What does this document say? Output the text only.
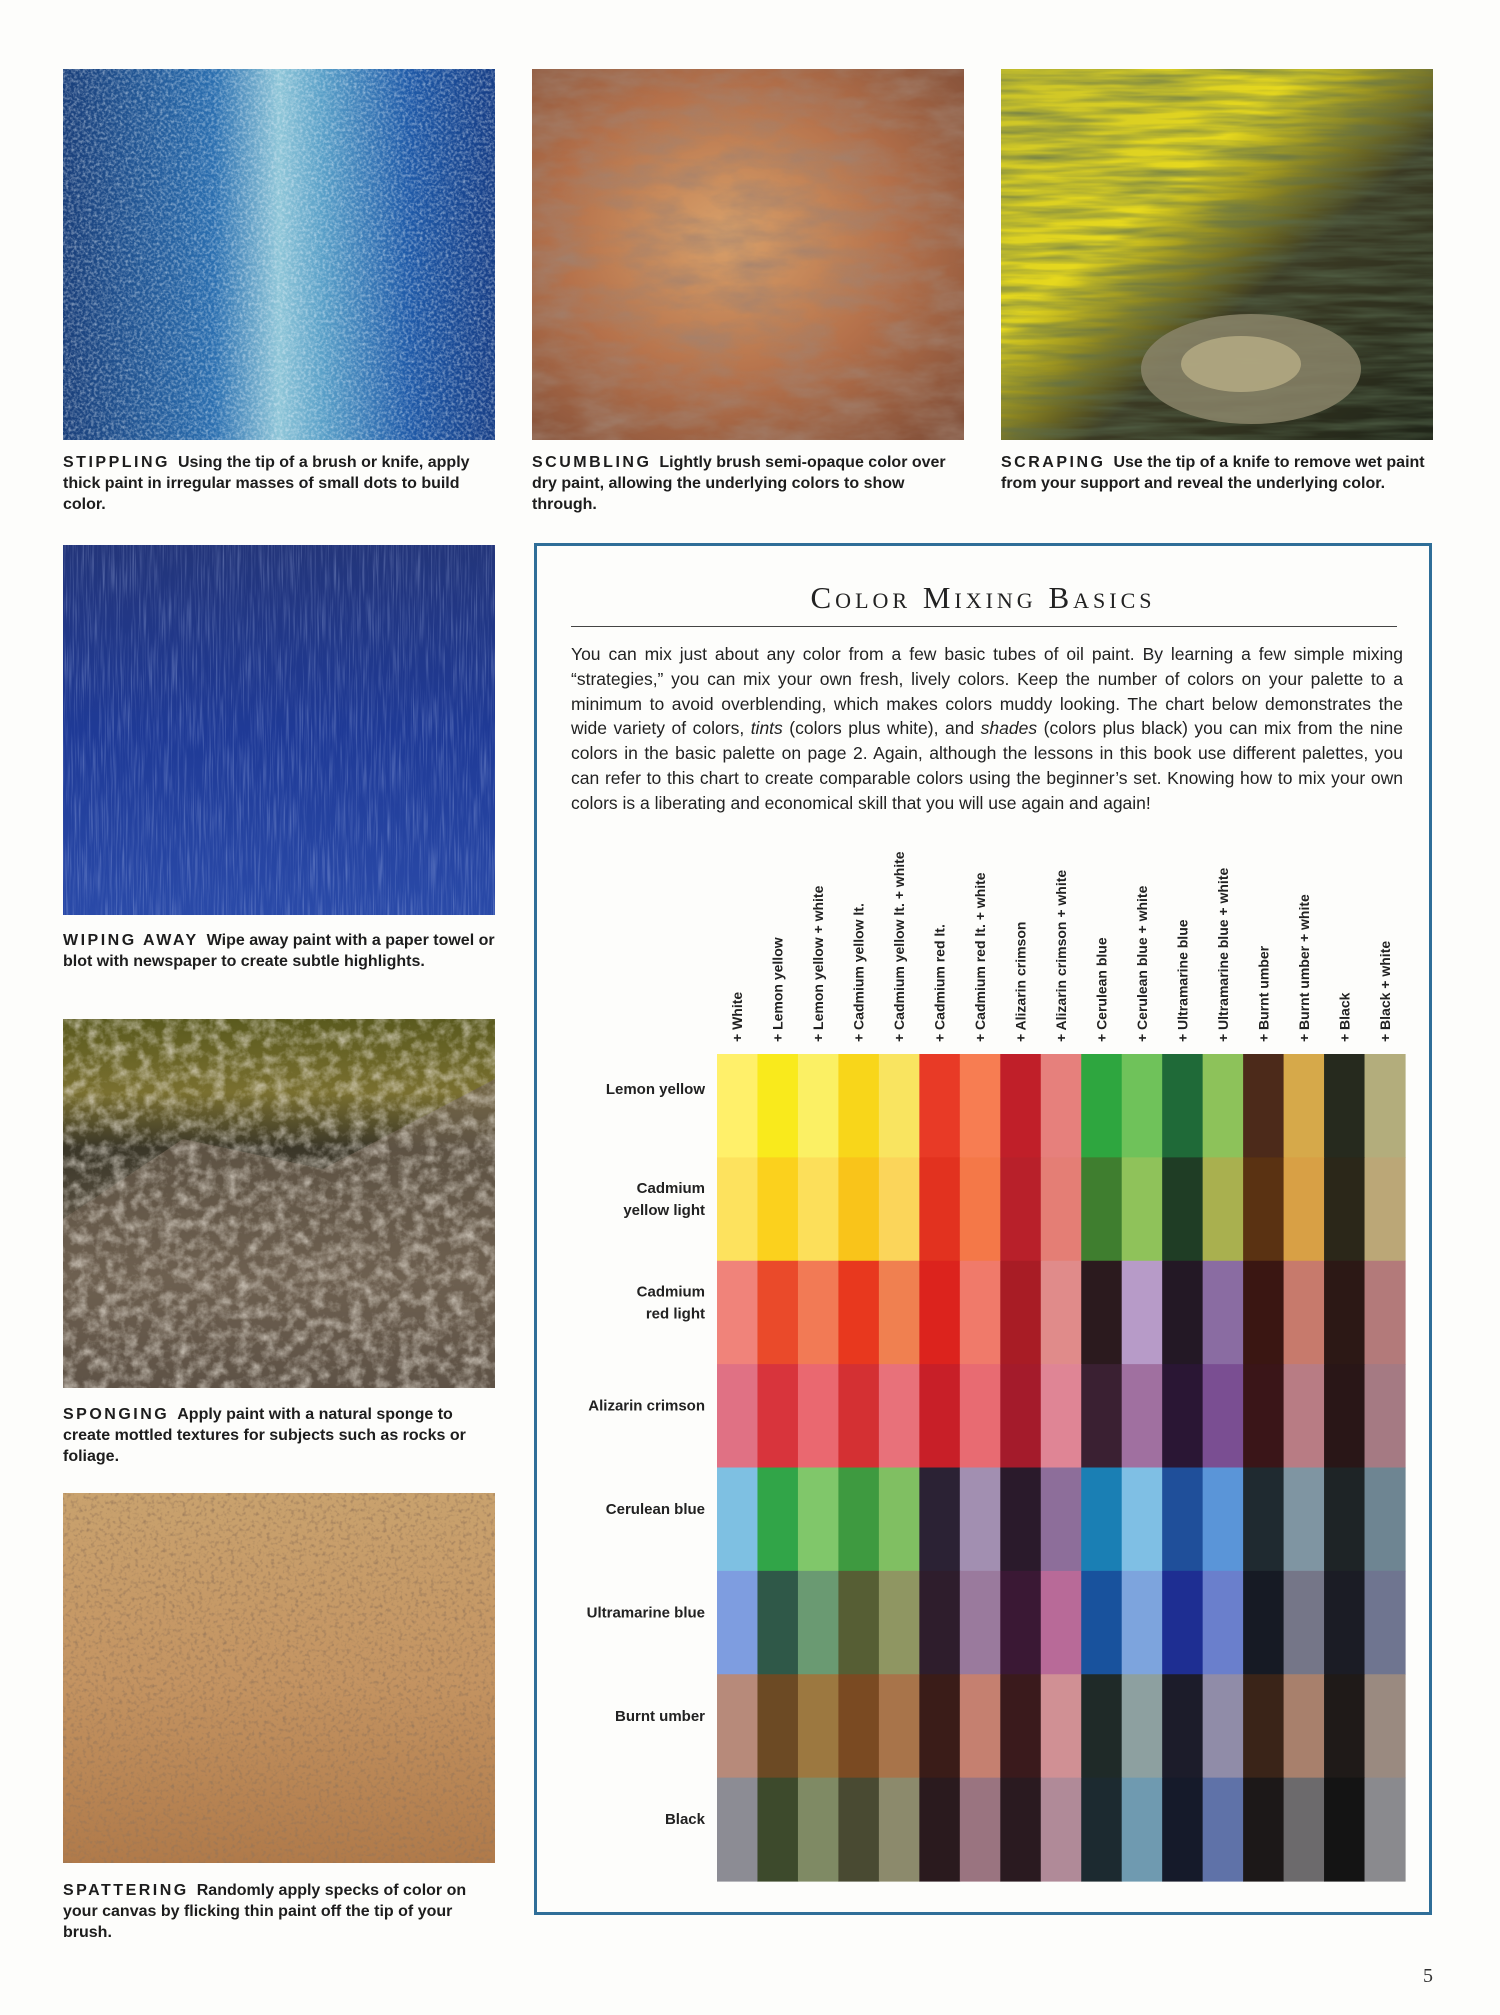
STIPPLING Using the tip of a brush or knife, apply thick paint in irregular masses of small dots to build color.
SCUMBLING Lightly brush semi-opaque color over dry paint, allowing the underlying colors to show through.
SCRAPING Use the tip of a knife to remove wet paint from your support and reveal the underlying color.
WIPING AWAY Wipe away paint with a paper towel or blot with newspaper to create subtle highlights.
SPONGING Apply paint with a natural sponge to create mottled textures for subjects such as rocks or foliage.
SPATTERING Randomly apply specks of color on your canvas by flicking thin paint off the tip of your brush.
Color Mixing Basics
You can mix just about any color from a few basic tubes of oil paint. By learning a few simple mixing “strategies,” you can mix your own fresh, lively colors. Keep the number of colors on your palette to a minimum to avoid overblending, which makes colors muddy looking. The chart below demonstrates the wide variety of colors, tints (colors plus white), and shades (colors plus black) you can mix from the nine colors in the basic palette on page 2. Again, although the lessons in this book use different palettes, you can refer to this chart to create comparable colors using the beginner’s set. Knowing how to mix your own colors is a liberating and economical skill that you will use again and again!
+ White + Lemon yellow + Lemon yellow + white + Cadmium yellow lt. + Cadmium yellow lt. + white + Cadmium red lt. + Cadmium red lt. + white + Alizarin crimson + Alizarin crimson + white + Cerulean blue + Cerulean blue + white + Ultramarine blue + Ultramarine blue + white + Burnt umber + Burnt umber + white + Black + Black + white
Lemon yellow
Cadmium yellow light
Cadmium red light
Alizarin crimson
Cerulean blue
Ultramarine blue
Burnt umber
Black
5
